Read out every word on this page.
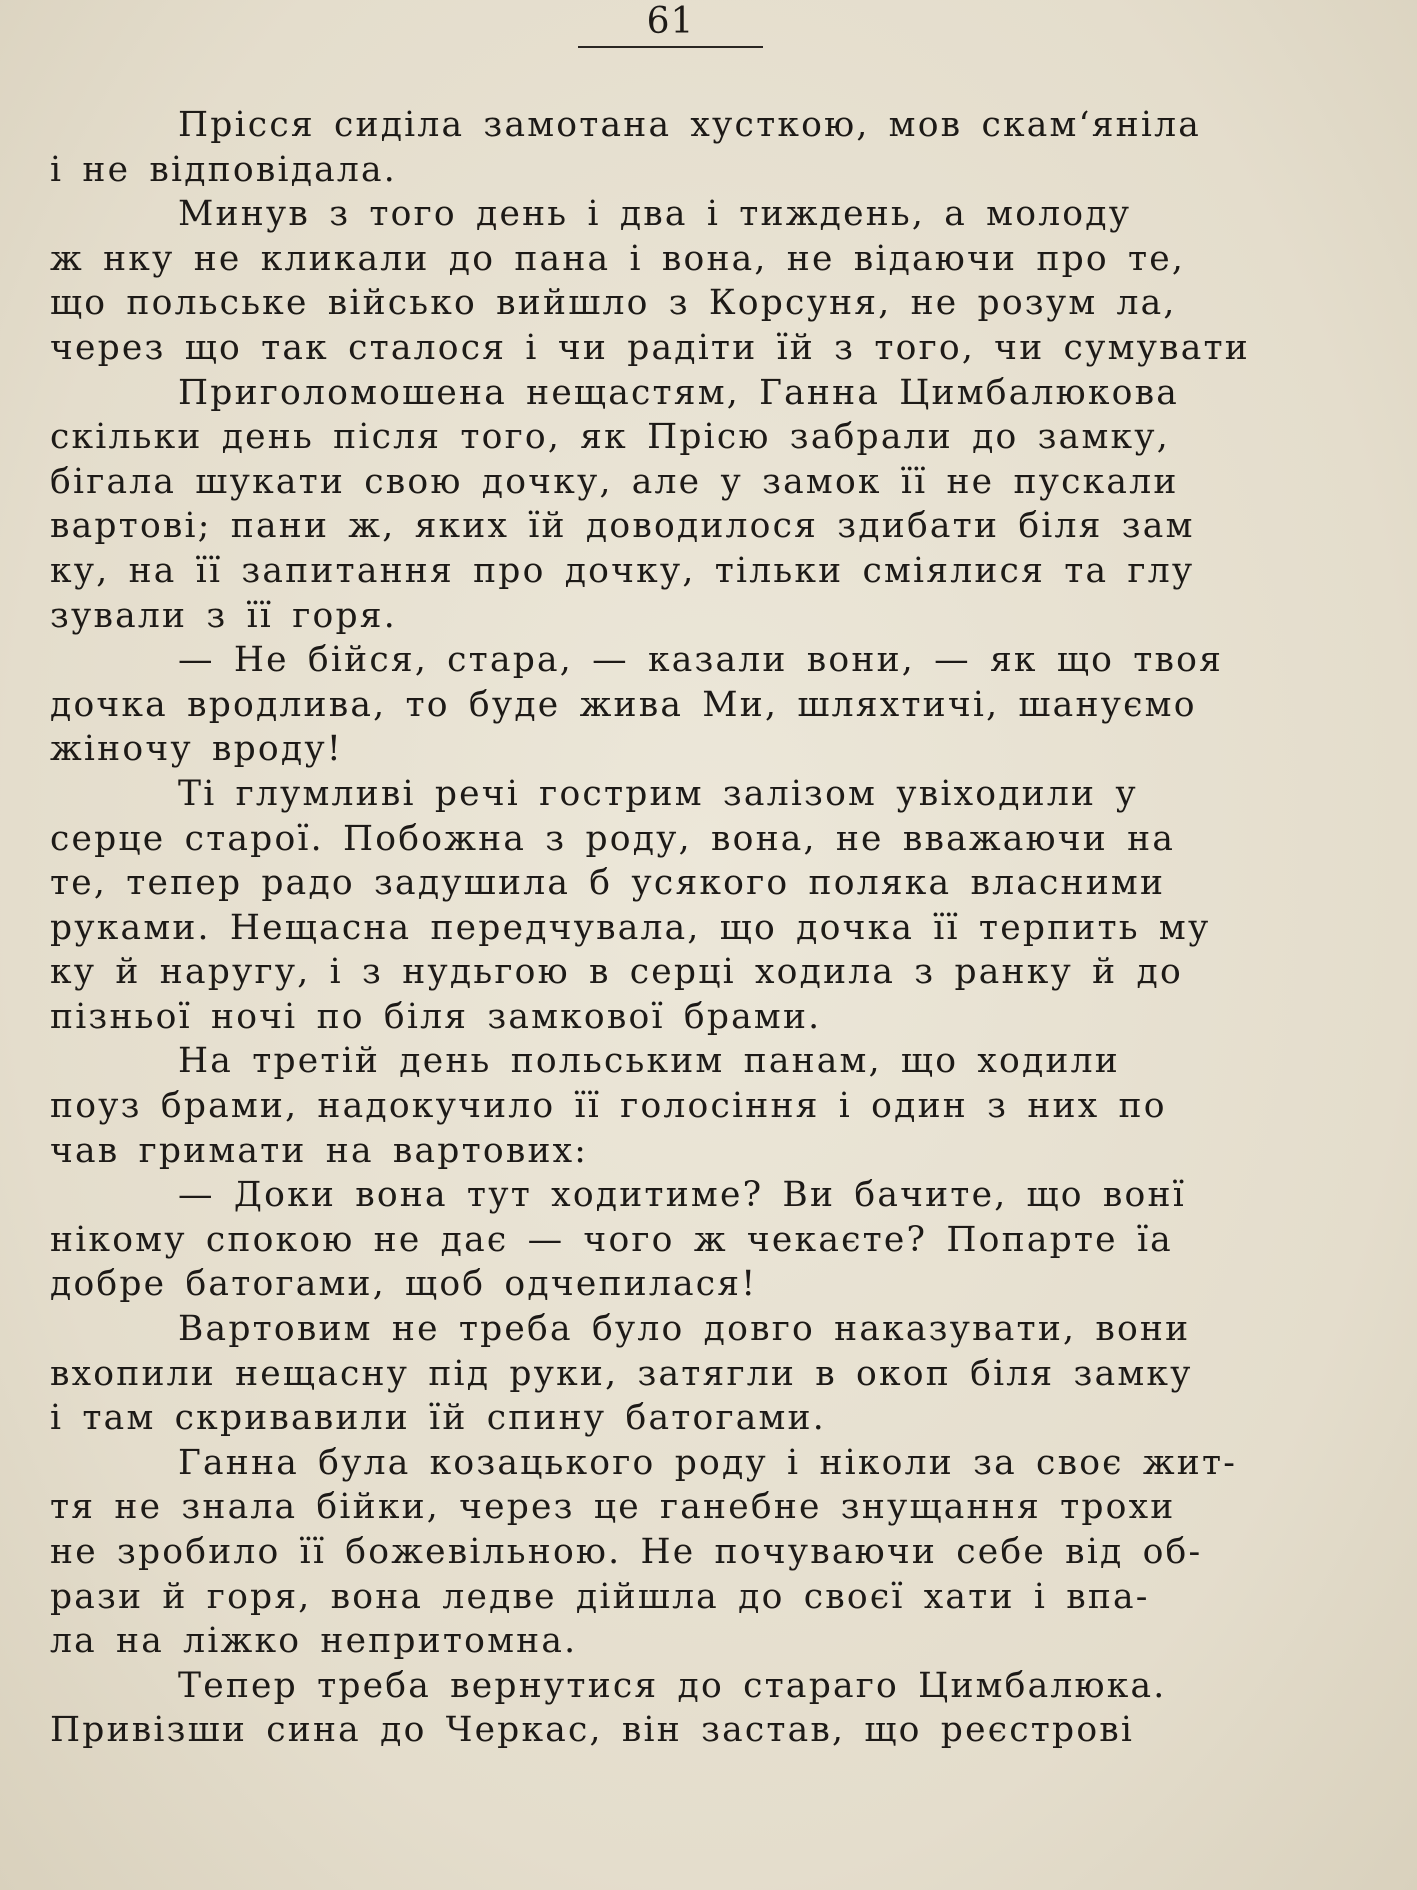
61
Прісся сиділа замотана хусткою, мов скам‘яніла
і не відповідала.
Минув з того день і два і тиждень, а молоду
ж нку не кликали до пана і вона, не відаючи про те,
що польське військо вийшло з Корсуня, не розум ла,
через що так сталося і чи радіти їй з того, чи сумувати
Приголомошена нещастям, Ганна Цимбалюкова
скільки день після того, як Прісю забрали до замку,
бігала шукати свою дочку, але у замок її не пускали
вартові; пани ж, яких їй доводилося здибати біля зам
ку, на її запитання про дочку, тільки сміялися та глу
зували з її горя.
— Не бійся, стара, — казали вони, — як що твоя
дочка вродлива, то буде жива Ми, шляхтичі, шануємо
жіночу вроду!
Ті глумливі речі гострим залізом увіходили у
серце старої. Побожна з роду, вона, не вважаючи на
те, тепер радо задушила б усякого поляка власними
руками. Нещасна передчувала, що дочка її терпить му
ку й наругу, і з нудьгою в серці ходила з ранку й до
пізньої ночі по біля замкової брами.
На третій день польським панам, що ходили
поуз брами, надокучило її голосіння і один з них по
чав гримати на вартових:
— Доки вона тут ходитиме? Ви бачите, що вонї
нікому спокою не дає — чого ж чекаєте? Попарте їа
добре батогами, щоб одчепилася!
Вартовим не треба було довго наказувати, вони
вхопили нещасну під руки, затягли в окоп біля замку
і там скривавили їй спину батогами.
Ганна була козацького роду і ніколи за своє жит-
тя не знала бійки, через це ганебне знущання трохи
не зробило її божевільною. Не почуваючи себе від об-
рази й горя, вона ледве дійшла до своєї хати і впа-
ла на ліжко непритомна.
Тепер треба вернутися до стараго Цимбалюка.
Привізши сина до Черкас, він застав, що реєстрові
